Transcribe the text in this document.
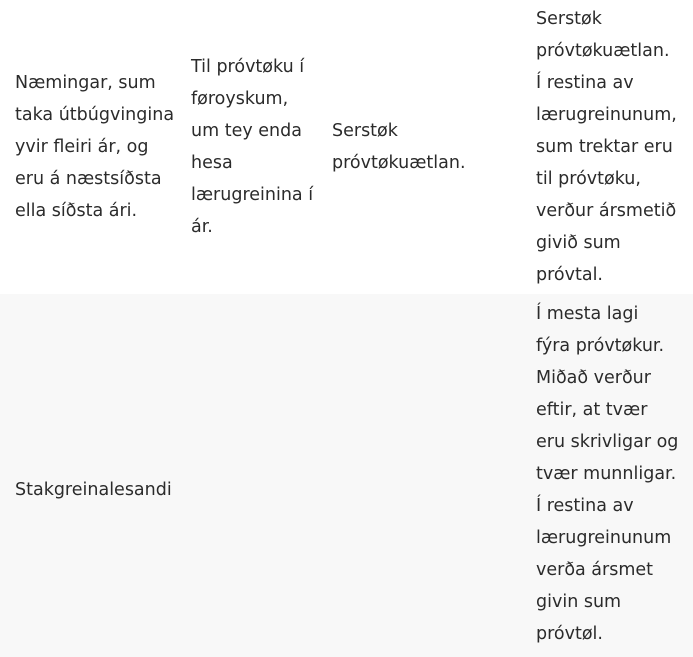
Næmingar, sum
taka útbúgvingina
yvir fleiri ár, og
eru á næstsíðsta
ella síðsta ári.
Til próvtøku í
føroyskum,
um tey enda
hesa
lærugreinina í
ár.
Serstøk
próvtøkuætlan.
Serstøk
próvtøkuætlan.
Í restina av
lærugreinunum,
sum trektar eru
til próvtøku,
verður ársmetið
givið sum
próvtal.
Stakgreinalesandi
Í mesta lagi
fýra próvtøkur.
Miðað verður
eftir, at tvær
eru skrivligar og
tvær munnligar.
Í restina av
lærugreinunum
verða ársmet
givin sum
próvtøl.
